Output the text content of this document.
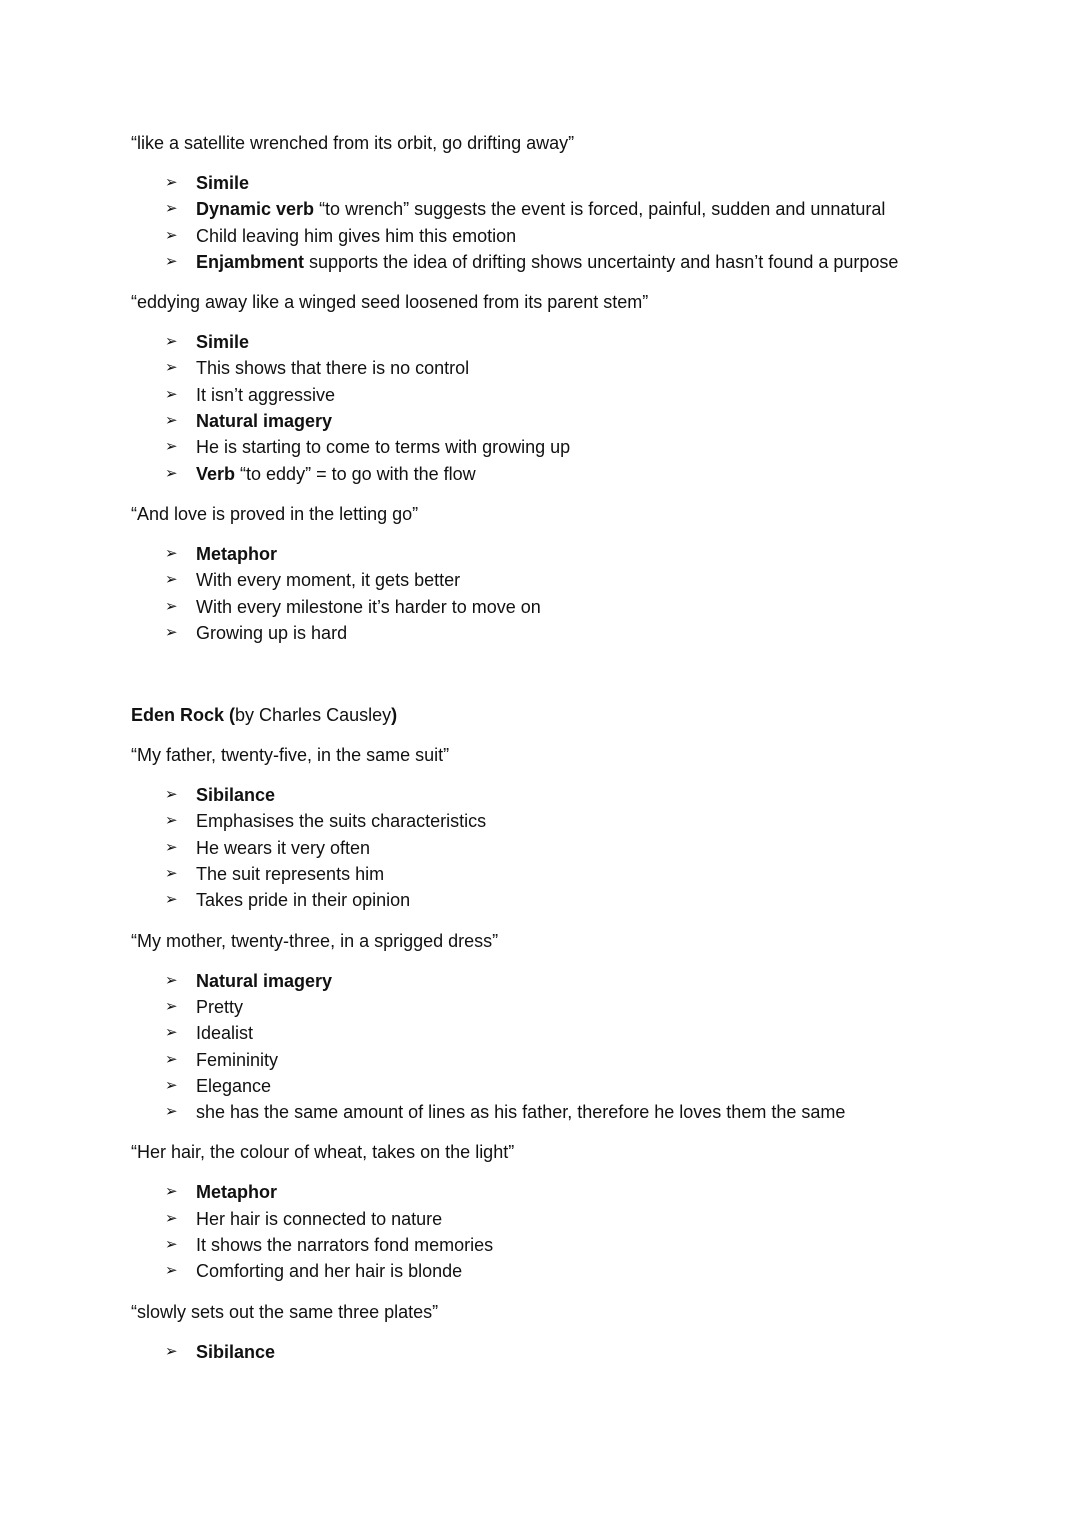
“like a satellite wrenched from its orbit, go drifting away”
➢ Simile
➢ Dynamic verb “to wrench” suggests the event is forced, painful, sudden and unnatural
➢ Child leaving him gives him this emotion
➢ Enjambment supports the idea of drifting shows uncertainty and hasn’t found a purpose
“eddying away like a winged seed loosened from its parent stem”
➢ Simile
➢ This shows that there is no control
➢ It isn’t aggressive
➢ Natural imagery
➢ He is starting to come to terms with growing up
➢ Verb “to eddy” = to go with the flow
“And love is proved in the letting go”
➢ Metaphor
➢ With every moment, it gets better
➢ With every milestone it’s harder to move on
➢ Growing up is hard
Eden Rock (by Charles Causley)
“My father, twenty-five, in the same suit”
➢ Sibilance
➢ Emphasises the suits characteristics
➢ He wears it very often
➢ The suit represents him
➢ Takes pride in their opinion
“My mother, twenty-three, in a sprigged dress”
➢ Natural imagery
➢ Pretty
➢ Idealist
➢ Femininity
➢ Elegance
➢ she has the same amount of lines as his father, therefore he loves them the same
“Her hair, the colour of wheat, takes on the light”
➢ Metaphor
➢ Her hair is connected to nature
➢ It shows the narrators fond memories
➢ Comforting and her hair is blonde
“slowly sets out the same three plates”
➢ Sibilance
